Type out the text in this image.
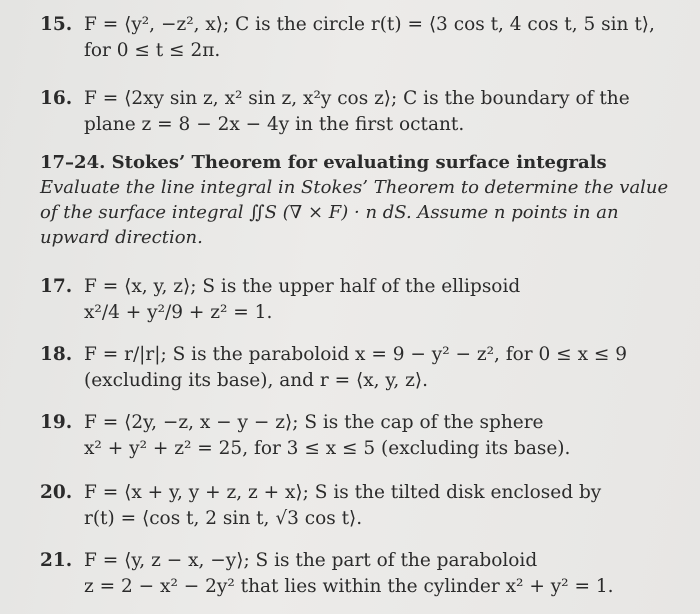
15. F = ⟨y², −z², x⟩; C is the circle r(t) = ⟨3 cos t, 4 cos t, 5 sin t⟩,
for 0 ≤ t ≤ 2π.
16. F = ⟨2xy sin z, x² sin z, x²y cos z⟩; C is the boundary of the
plane z = 8 − 2x − 4y in the first octant.
17–24. Stokes’ Theorem for evaluating surface integrals Evaluate the line integral in Stokes’ Theorem to determine the value of the surface integral ∬S (∇ × F) · n dS. Assume n points in an upward direction.
17. F = ⟨x, y, z⟩; S is the upper half of the ellipsoid
x²/4 + y²/9 + z² = 1.
18. F = r/|r|; S is the paraboloid x = 9 − y² − z², for 0 ≤ x ≤ 9
(excluding its base), and r = ⟨x, y, z⟩.
19. F = ⟨2y, −z, x − y − z⟩; S is the cap of the sphere
x² + y² + z² = 25, for 3 ≤ x ≤ 5 (excluding its base).
20. F = ⟨x + y, y + z, z + x⟩; S is the tilted disk enclosed by
r(t) = ⟨cos t, 2 sin t, √3 cos t⟩.
21. F = ⟨y, z − x, −y⟩; S is the part of the paraboloid
z = 2 − x² − 2y² that lies within the cylinder x² + y² = 1.
